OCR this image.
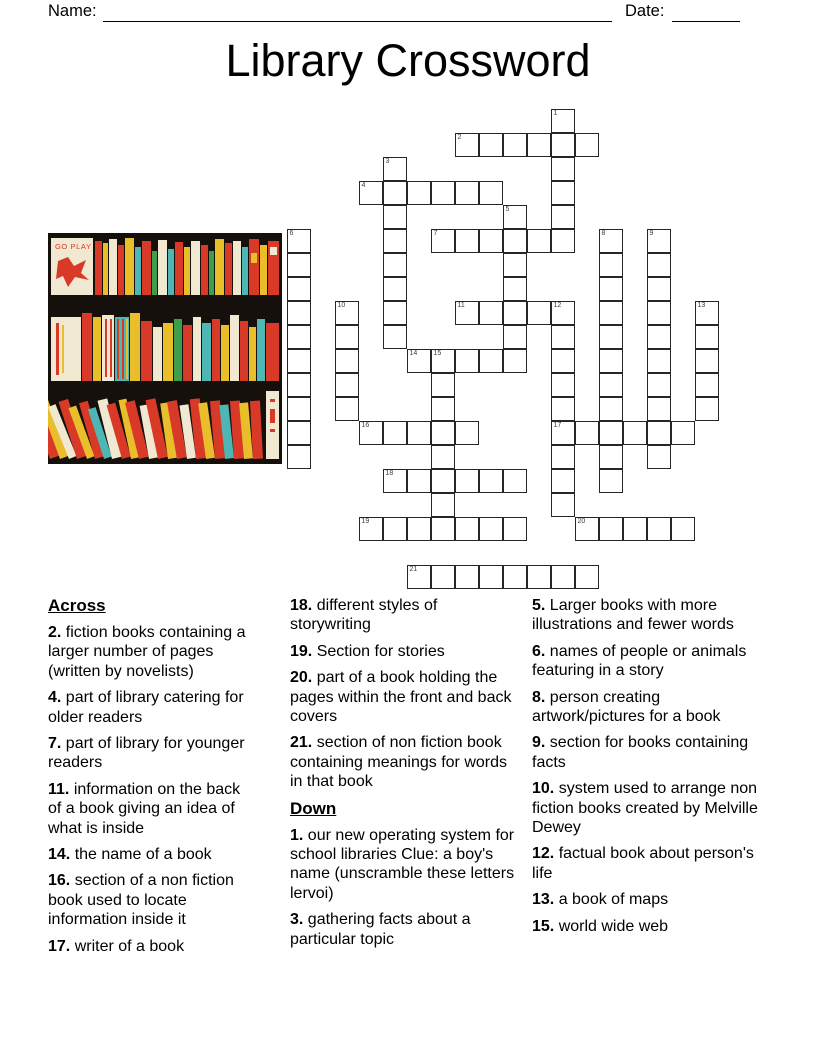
Name:	Date:
Library Crossword
GO PLAY
1
2
3
4
5
6	7	8	9
10	11	12
17
13
14 15
16
18
19	20
21
Across

2. fiction books containing a larger number of pages (written by novelists)

4. part of library catering for older readers

7. part of library for younger readers

11. information on the back of a book giving an idea of what is inside

14. the name of a book

16. section of a non fiction book used to locate information inside it

17. writer of a book

18. different styles of storywriting

19. Section for stories

20. part of a book holding the pages within the front and back covers

21. section of non fiction book containing meanings for words in that book

Down

1. our new operating system for school libraries Clue: a boy's name (unscramble these letters lervoi)

3. gathering facts about a particular topic

5. Larger books with more illustrations and fewer words

6. names of people or animals featuring in a story

8. person creating artwork/pictures for a book

9. section for books containing facts

10. system used to arrange non fiction books created by Melville Dewey

12. factual book about person's life

13. a book of maps

15. world wide web
